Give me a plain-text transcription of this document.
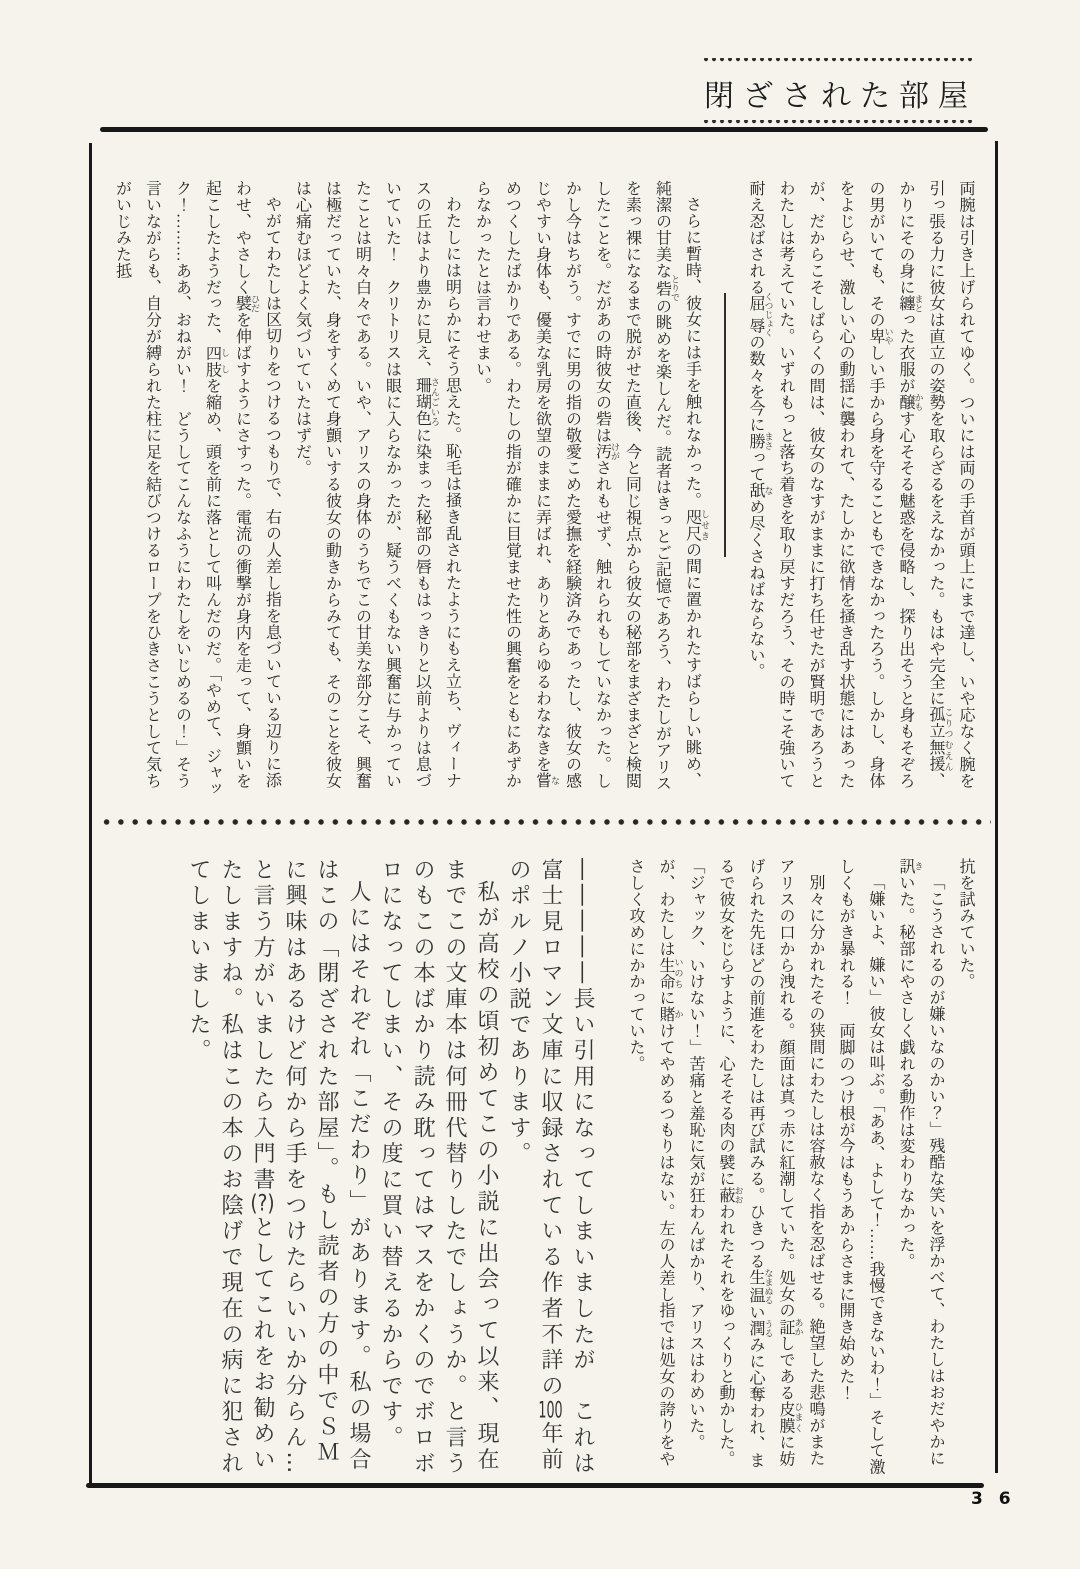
閉ざされた部屋

両腕は引き上げられてゆく。ついには両の手首が頭上にまで達し、いや応なく腕を引っ張る力に彼女は直立の姿勢を取らざるをえなかった。もはや完全に孤立無援 こりつむえん、かりにその身に纏 まとった衣服が醸 かもす心そそる魅惑を侵略し、探り出そうと身もそぞろの男がいても、その卑 いやしい手から身を守ることもできなかったろう。しかし、身体をよじらせ、激しい心の動揺に襲われて、たしかに欲情を掻き乱す状態にはあったが、だからこそしばらくの間は、彼女のなすがままに打ち任せたが賢明であろうとわたしは考えていた。いずれもっと落ち着きを取り戻すだろう、その時こそ強いて耐え忍ばされる屈辱 くつじょくの数々を今に勝 まさって舐 なめ尽くさねばならない。

さらに暫時、彼女には手を触れなかった。咫尺 しせきの間に置かれたすばらしい眺め、純潔の甘美な砦 とりでの眺めを楽しんだ。読者はきっとご記憶であろう、わたしがアリスを素っ裸になるまで脱がせた直後、今と同じ視点から彼女の秘部をまざまざと検閲したことを。だがあの時彼女の砦は汚 けがされもせず、触れられもしていなかった。しかし今はちがう。すでに男の指の敬愛こめた愛撫を経験済みであったし、彼女の感じやすい身体も、優美な乳房を欲望のままに弄ばれ、ありとあらゆるわななきを嘗 なめつくしたばかりである。わたしの指が確かに目覚ませた性の興奮をともにあずからなかったとは言わせまい。

わたしには明らかにそう思えた。恥毛は掻き乱されたようにもえ立ち、ヴィーナスの丘はより豊かに見え、珊瑚色 さんごいろに染まった秘部の唇もはっきりと以前よりは息づいていた！　クリトリスは眼に入らなかったが、疑うべくもない興奮に与かっていたことは明々白々である。いや、アリスの身体のうちでこの甘美な部分こそ、興奮は極だっていた、身をすくめて身顫いする彼女の動きからみても、そのことを彼女は心痛むほどよく気づいていたはずだ。

やがてわたしは区切りをつけるつもりで、右の人差し指を息づいている辺りに添わせ、やさしく襞 ひだを伸ばすようにさすった。電流の衝撃が身内を走って、身顫いを起こしたようだった、四肢 ししを縮め、頭を前に落として叫んだのだ。「やめて、ジャック！………ああ、おねがい！　どうしてこんなふうにわたしをいじめるの！」そう言いながらも、自分が縛られた柱に足を結びつけるロープをひきさこうとして気ちがいじみた抵

抗を試みていた。

「こうされるのが嫌いなのかい？」残酷な笑いを浮かべて、わたしはおだやかに訊 きいた。秘部にやさしく戯れる動作は変わりなかった。

「嫌いよ、嫌い」彼女は叫ぶ。「ああ、よして！……我慢できないわ！」そして激しくもがき暴れる！　両脚のつけ根が今はもうあからさまに開き始めた！

別々に分かれたその狭間にわたしは容赦なく指を忍ばせる。絶望した悲鳴がまたアリスの口から洩れる。顔面は真っ赤に紅潮していた。処女の証 あかしである皮膜 ひまくに妨げられた先ほどの前進をわたしは再び試みる。ひきつる生温 なまぬるい潤 うるみに心奪われ、まるで彼女をじらすように、心そそる肉の襞に蔽 おおわれたそれをゆっくりと動かした。「ジャック、いけない！」苦痛と羞恥に気が狂わんばかり、アリスはわめいた。が、わたしは生命 いのちに賭 かけてやめるつもりはない。左の人差し指では処女の誇りをやさしく攻めにかかっていた。

―――――長い引用になってしまいましたが　これは富士見ロマン文庫に収録されている作者不詳の100年前のポルノ小説であります。

私が高校の頃初めてこの小説に出会って以来、現在までこの文庫本は何冊代替りしたでしょうか。と言うのもこの本ばかり読み耽ってはマスをかくのでボロボロになってしまい、その度に買い替えるからです。

人にはそれぞれ「こだわり」があります。私の場合はこの「閉ざされた部屋」。もし読者の方の中でＳＭに興味はあるけど何から手をつけたらいいか分らん…と言う方がいましたら入門書(?)としてこれをお勧めいたしますね。私はこの本のお陰げで現在の病に犯されてしまいました。

3 6
